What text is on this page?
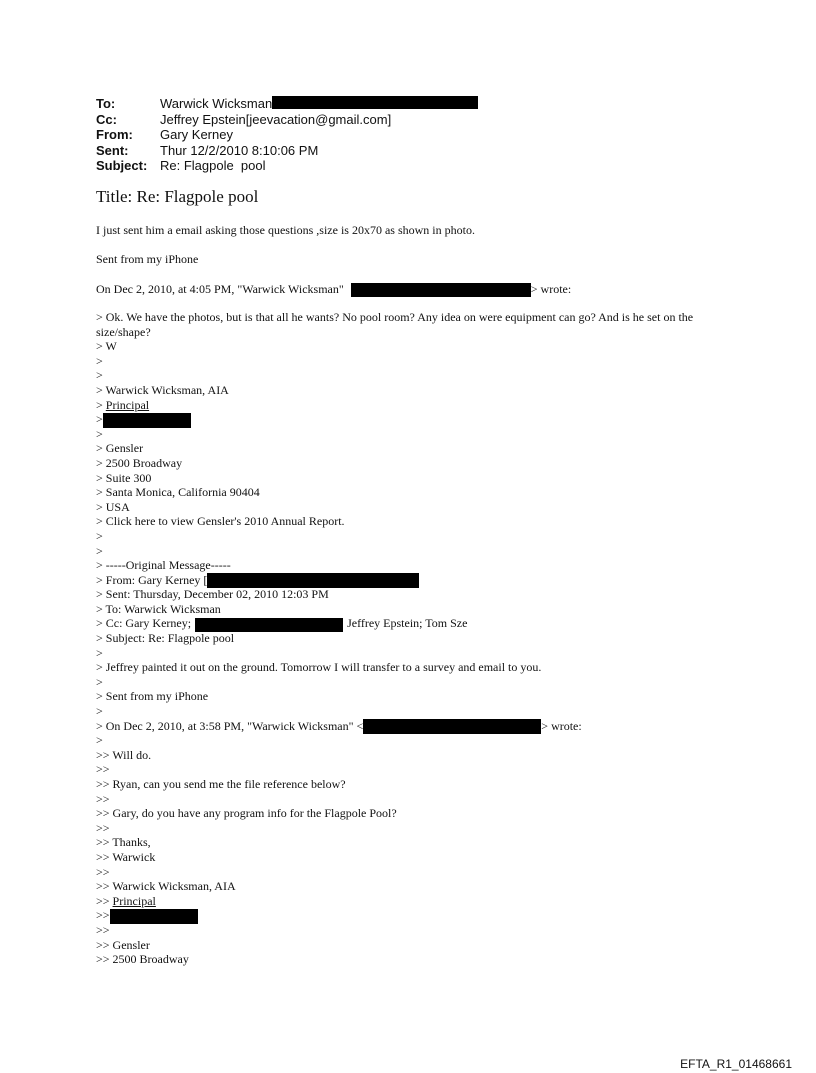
To:	Warwick Wicksman
Cc:	Jeffrey Epstein[jeevacation@gmail.com]
From:	Gary Kerney
Sent:	Thur 12/2/2010 8:10:06 PM
Subject: Re: Flagpole  pool
Title: Re: Flagpole pool
I just sent him a email asking those questions ,size is 20x70 as shown in photo.
Sent from my iPhone
On Dec 2, 2010, at 4:05 PM, "Warwick Wicksman"	> wrote:
> Ok. We have the photos, but is that all he wants? No pool room? Any idea on were equipment can go? And is he set on the size/shape?
> W
>
>
> Warwick Wicksman, AIA
> Principal
>
>
> Gensler
> 2500 Broadway
> Suite 300
> Santa Monica, California 90404
> USA
> Click here to view Gensler's 2010 Annual Report.
>
>
> -----Original Message-----
> From: Gary Kerney [
> Sent: Thursday, December 02, 2010 12:03 PM
> To: Warwick Wicksman
> Cc: Gary Kerney;	Jeffrey Epstein; Tom Sze
> Subject: Re: Flagpole pool
>
> Jeffrey painted it out on the ground. Tomorrow I will transfer to a survey and email to you.
>
> Sent from my iPhone
>
> On Dec 2, 2010, at 3:58 PM, "Warwick Wicksman" <	> wrote:
>
>> Will do.
>>
>> Ryan, can you send me the file reference below?
>>
>> Gary, do you have any program info for the Flagpole Pool?
>>
>> Thanks,
>> Warwick
>>
>> Warwick Wicksman, AIA
>> Principal
>>
>>
>> Gensler
>> 2500 Broadway
EFTA_R1_01468661
